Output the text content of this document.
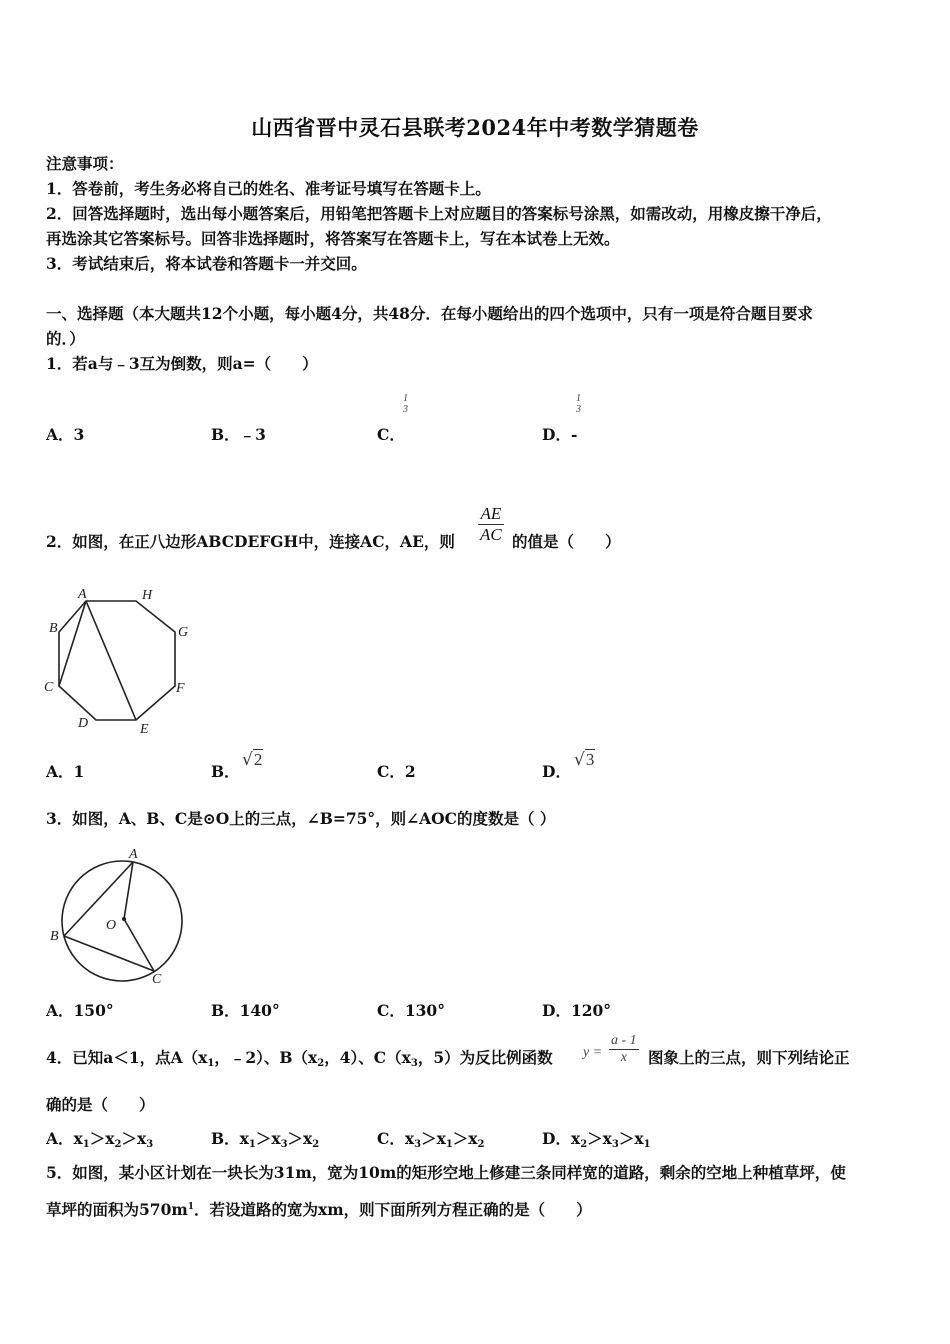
山西省晋中灵石县联考2024年中考数学猜题卷
注意事项：
1．答卷前，考生务必将自己的姓名、准考证号填写在答题卡上。
2．回答选择题时，选出每小题答案后，用铅笔把答题卡上对应题目的答案标号涂黑，如需改动，用橡皮擦干净后，
再选涂其它答案标号。回答非选择题时，将答案写在答题卡上，写在本试卷上无效。
3．考试结束后，将本试卷和答题卡一并交回。
一、选择题（本大题共12个小题，每小题4分，共48分．在每小题给出的四个选项中，只有一项是符合题目要求
的．）
1．若a与﹣3互为倒数，则a=（　　）
A．3	B．﹣3	C．
1
3
D．-
1
3
2．如图，在正八边形ABCDEFGH中，连接AC，AE，则 $\frac{AE}{AC}$ 的值是（　　）
A	H
B	G
C	F
D	E
A．1	B．
√2
C．2	D．
√3
3．如图，A、B、C是⊙O上的三点，∠B=75°，则∠AOC的度数是（ ）
A
B
O
C
A．150°	B．140°	C．130°	D．120°
4．已知a＜1，点$A(x_1$，﹣2）、$B(x_2$，4）、$C(x_3$，5）为反比例函数 $y = \frac{a - 1}{x}$ 图象上的三点，则下列结论正
确的是（　　）
A．$x_1>x_2>x_3$	B．$x_1>x_3>x_2$	C．$x_3>x_1>x_2$	D．$x_2>x_3>x_1$
5．如图，某小区计划在一块长为31m，宽为10m的矩形空地上修建三条同样宽的道路，剩余的空地上种植草坪，使
草坪的面积为$570m^1$．若设道路的宽为xm，则下面所列方程正确的是（　　）
